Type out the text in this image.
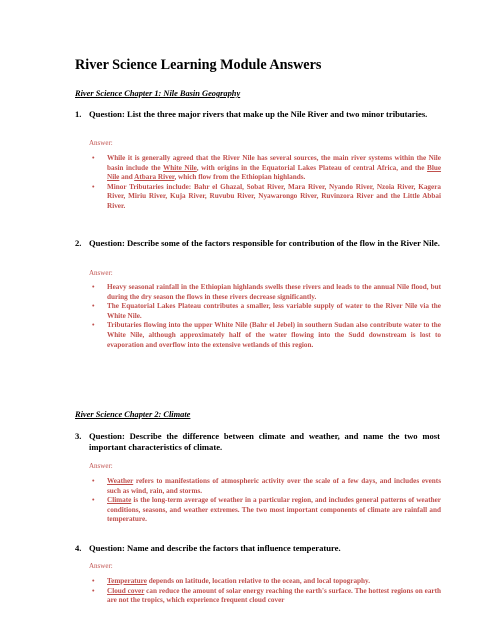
River Science Learning Module Answers
River Science Chapter 1: Nile Basin Geography
1. Question: List the three major rivers that make up the Nile River and two minor tributaries.
Answer:
• While it is generally agreed that the River Nile has several sources, the main river systems within the Nile basin include the White Nile, with origins in the Equatorial Lakes Plateau of central Africa, and the Blue Nile and Atbara River, which flow from the Ethiopian highlands.
• Minor Tributaries include: Bahr el Ghazal, Sobat River, Mara River, Nyando River, Nzoia River, Kagera River, Miriu River, Kuja River, Ruvubu River, Nyawarongo River, Ruvinzora River and the Little Abbai River.
2. Question: Describe some of the factors responsible for contribution of the flow in the River Nile.
Answer:
• Heavy seasonal rainfall in the Ethiopian highlands swells these rivers and leads to the annual Nile flood, but during the dry season the flows in these rivers decrease significantly.
• The Equatorial Lakes Plateau contributes a smaller, less variable supply of water to the River Nile via the White Nile.
• Tributaries flowing into the upper White Nile (Bahr el Jebel) in southern Sudan also contribute water to the White Nile, although approximately half of the water flowing into the Sudd downstream is lost to evaporation and overflow into the extensive wetlands of this region.
River Science Chapter 2: Climate
3. Question: Describe the difference between climate and weather, and name the two most important characteristics of climate.
Answer:
• Weather refers to manifestations of atmospheric activity over the scale of a few days, and includes events such as wind, rain, and storms.
• Climate is the long-term average of weather in a particular region, and includes general patterns of weather conditions, seasons, and weather extremes. The two most important components of climate are rainfall and temperature.
4. Question: Name and describe the factors that influence temperature.
Answer:
• Temperature depends on latitude, location relative to the ocean, and local topography.
• Cloud cover can reduce the amount of solar energy reaching the earth's surface. The hottest regions on earth are not the tropics, which experience frequent cloud cover
